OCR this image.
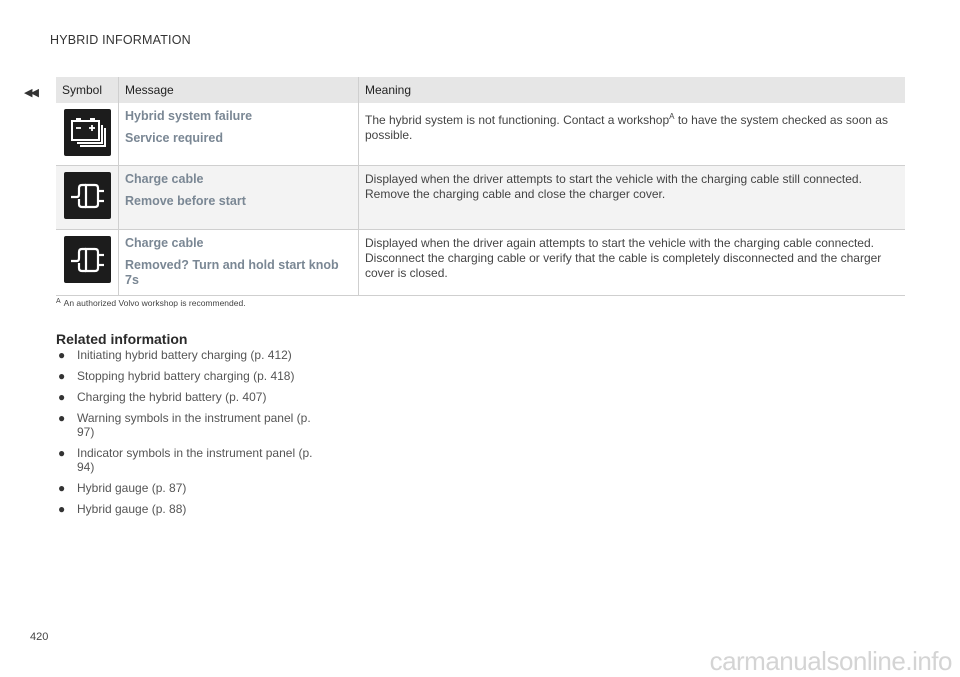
HYBRID INFORMATION
◀◀ Symbol	Message	Meaning

Hybrid system failure
Service required	The hybrid system is not functioning. Contact a workshop$^A$ to have the system checked as soon as possible.

Charge cable
Remove before start	Displayed when the driver attempts to start the vehicle with the charging cable still connected. Remove the charging cable and close the charger cover.

Charge cable
Removed? Turn and hold start knob 7s	Displayed when the driver again attempts to start the vehicle with the charging cable connected. Disconnect the charging cable or verify that the cable is completely disconnected and the charger cover is closed.
$^A$ An authorized Volvo workshop is recommended.
Related information
● Initiating hybrid battery charging (p. 412)
● Stopping hybrid battery charging (p. 418)
● Charging the hybrid battery (p. 407)
● Warning symbols in the instrument panel (p. 97)
● Indicator symbols in the instrument panel (p. 94)
● Hybrid gauge (p. 87)
● Hybrid gauge (p. 88)
420
carmanualsonline.info
